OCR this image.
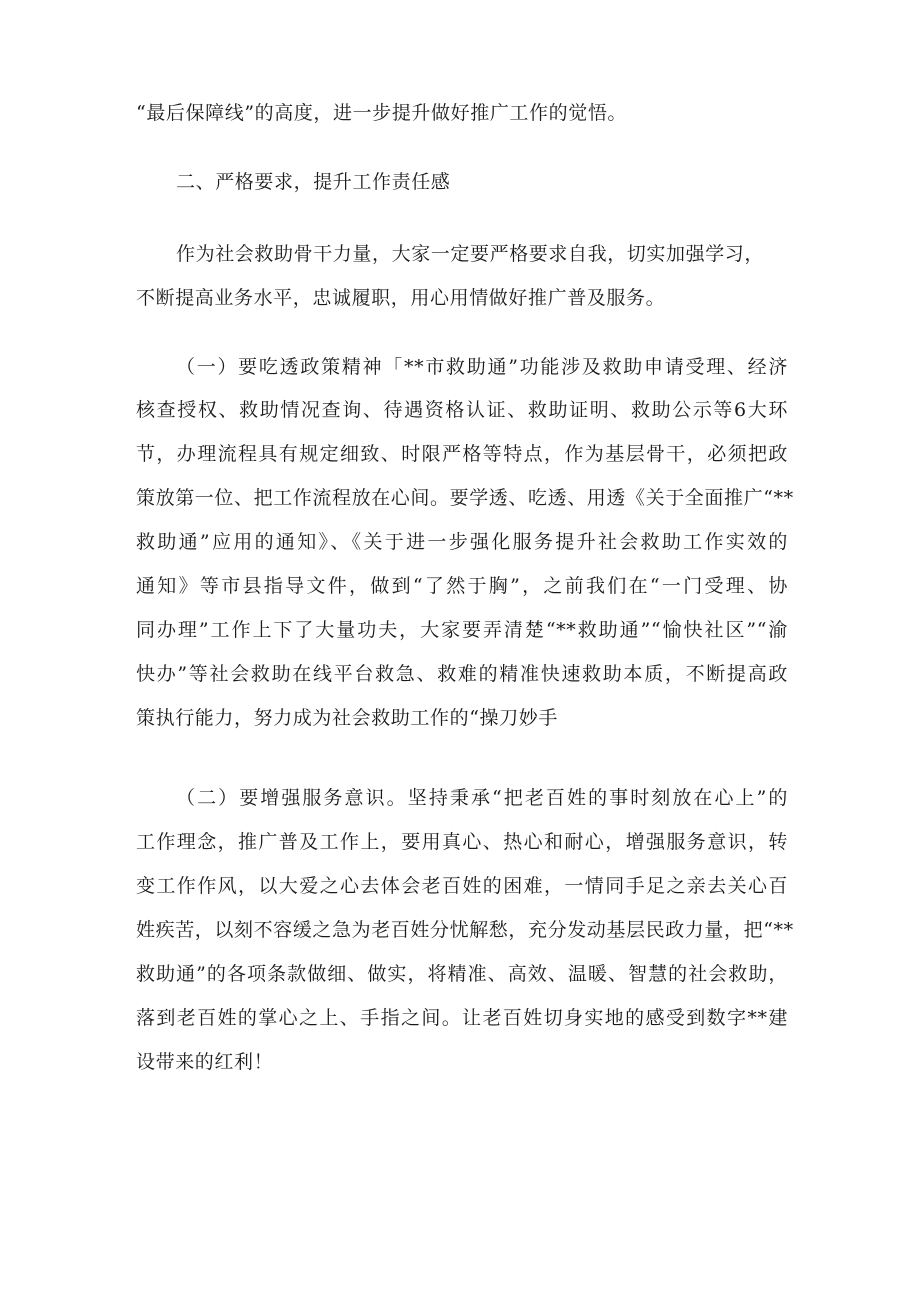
“最后保障线”的高度，进一步提升做好推广工作的觉悟。
二、严格要求，提升工作责任感
作为社会救助骨干力量，大家一定要严格要求自我，切实加强学习，
不断提高业务水平，忠诚履职，用心用情做好推广普及服务。
（一）要吃透政策精神「**市救助通”功能涉及救助申请受理、经济
核查授权、救助情况查询、待遇资格认证、救助证明、救助公示等6大环
节，办理流程具有规定细致、时限严格等特点，作为基层骨干，必须把政
策放第一位、把工作流程放在心间。要学透、吃透、用透《关于全面推广“**
救助通”应用的通知》、《关于进一步强化服务提升社会救助工作实效的
通知》等市县指导文件，做到“了然于胸”，之前我们在“一门受理、协
同办理”工作上下了大量功夫，大家要弄清楚“**救助通”“愉快社区”“渝
快办”等社会救助在线平台救急、救难的精准快速救助本质，不断提高政
策执行能力，努力成为社会救助工作的“操刀妙手
（二）要增强服务意识。坚持秉承“把老百姓的事时刻放在心上”的
工作理念，推广普及工作上，要用真心、热心和耐心，增强服务意识，转
变工作作风，以大爱之心去体会老百姓的困难，一情同手足之亲去关心百
姓疾苦，以刻不容缓之急为老百姓分忧解愁，充分发动基层民政力量，把“**
救助通”的各项条款做细、做实，将精准、高效、温暖、智慧的社会救助，
落到老百姓的掌心之上、手指之间。让老百姓切身实地的感受到数字**建
设带来的红利！
